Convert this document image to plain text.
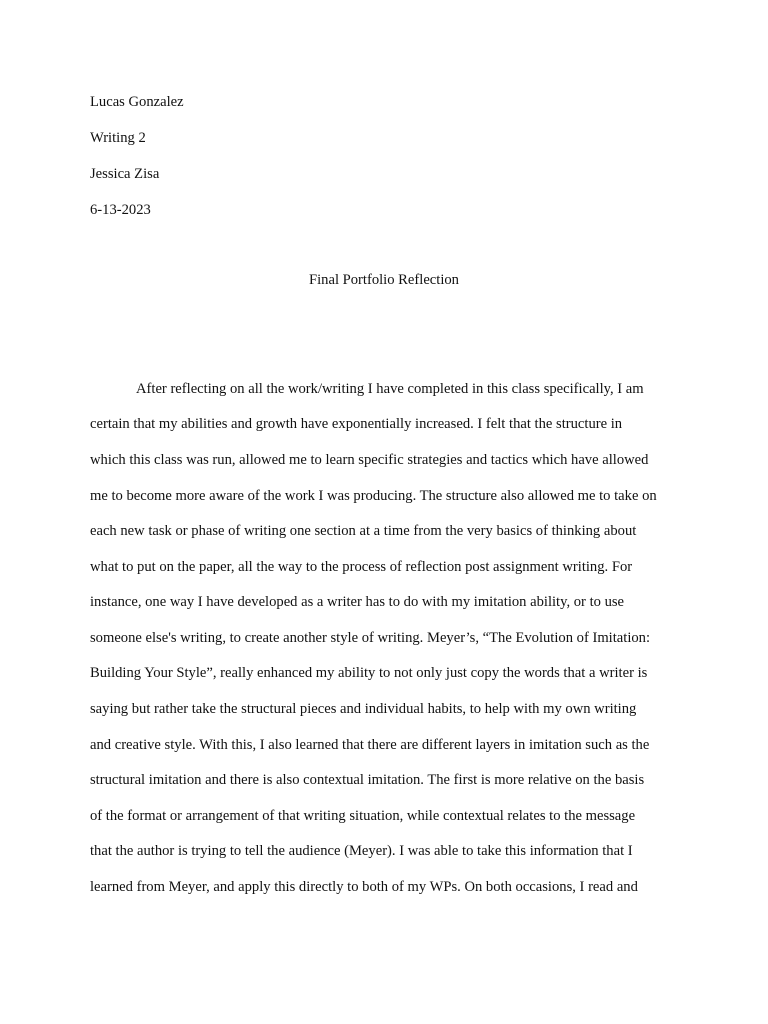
Lucas Gonzalez
Writing 2
Jessica Zisa
6-13-2023
Final Portfolio Reflection
After reflecting on all the work/writing I have completed in this class specifically, I am
certain that my abilities and growth have exponentially increased. I felt that the structure in
which this class was run, allowed me to learn specific strategies and tactics which have allowed
me to become more aware of the work I was producing. The structure also allowed me to take on
each new task or phase of writing one section at a time from the very basics of thinking about
what to put on the paper, all the way to the process of reflection post assignment writing. For
instance, one way I have developed as a writer has to do with my imitation ability, or to use
someone else's writing, to create another style of writing. Meyer’s, “The Evolution of Imitation:
Building Your Style”, really enhanced my ability to not only just copy the words that a writer is
saying but rather take the structural pieces and individual habits, to help with my own writing
and creative style. With this, I also learned that there are different layers in imitation such as the
structural imitation and there is also contextual imitation. The first is more relative on the basis
of the format or arrangement of that writing situation, while contextual relates to the message
that the author is trying to tell the audience (Meyer). I was able to take this information that I
learned from Meyer, and apply this directly to both of my WPs. On both occasions, I read and
